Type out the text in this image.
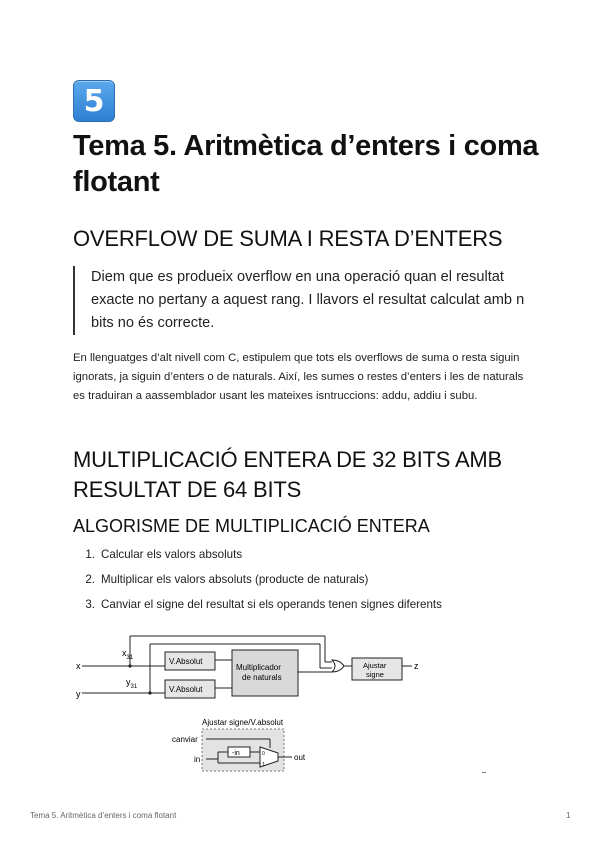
5
Tema 5. Aritmètica d’enters i coma flotant
OVERFLOW DE SUMA I RESTA D’ENTERS
Diem que es produeix overflow en una operació quan el resultat exacte no pertany a aquest rang. I llavors el resultat calculat amb n bits no és correcte.

En llenguatges d’alt nivell com C, estipulem que tots els overflows de suma o resta siguin ignorats, ja siguin d’enters o de naturals. Així, les sumes o restes d’enters i les de naturals es traduiran a aassemblador usant les mateixes isntruccions: addu, addiu i subu.

MULTIPLICACIÓ ENTERA DE 32 BITS AMB RESULTAT DE 64 BITS
ALGORISME DE MULTIPLICACIÓ ENTERA
1. Calcular els valors absoluts
2. Multiplicar els valors absoluts (producte de naturals)
3. Canviar el signe del resultat si els operands tenen signes diferents
x
y
$x_{31}$
$y_{31}$
V.Absolut
V.Absolut
Multiplicador
de naturals
Ajustar
signe
z
Ajustar signe/V.absolut
canviar
in
-in	0
1
out
Tema 5. Aritmètica d’enters i coma flotant	1
